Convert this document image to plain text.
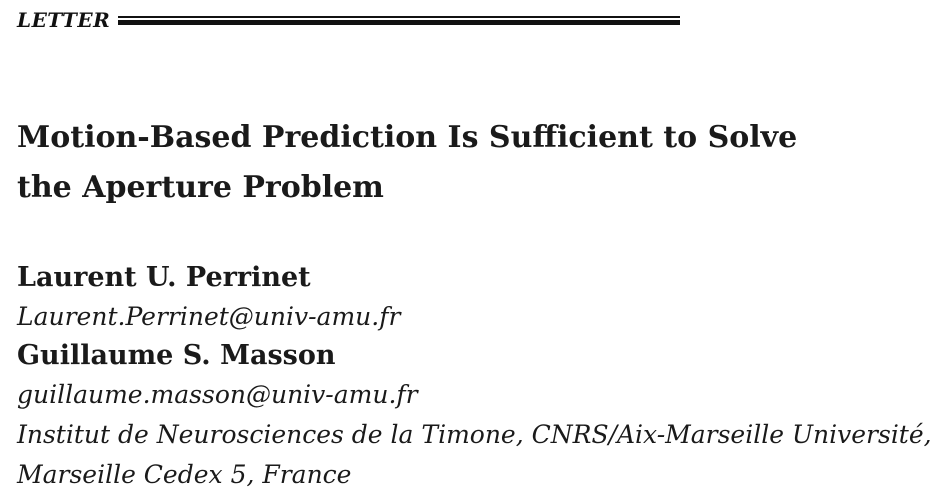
LETTER
Motion-Based Prediction Is Sufficient to Solve
the Aperture Problem
Laurent U. Perrinet
Laurent.Perrinet@univ-amu.fr
Guillaume S. Masson
guillaume.masson@univ-amu.fr
Institut de Neurosciences de la Timone, CNRS/Aix-Marseille Université,
Marseille Cedex 5, France
